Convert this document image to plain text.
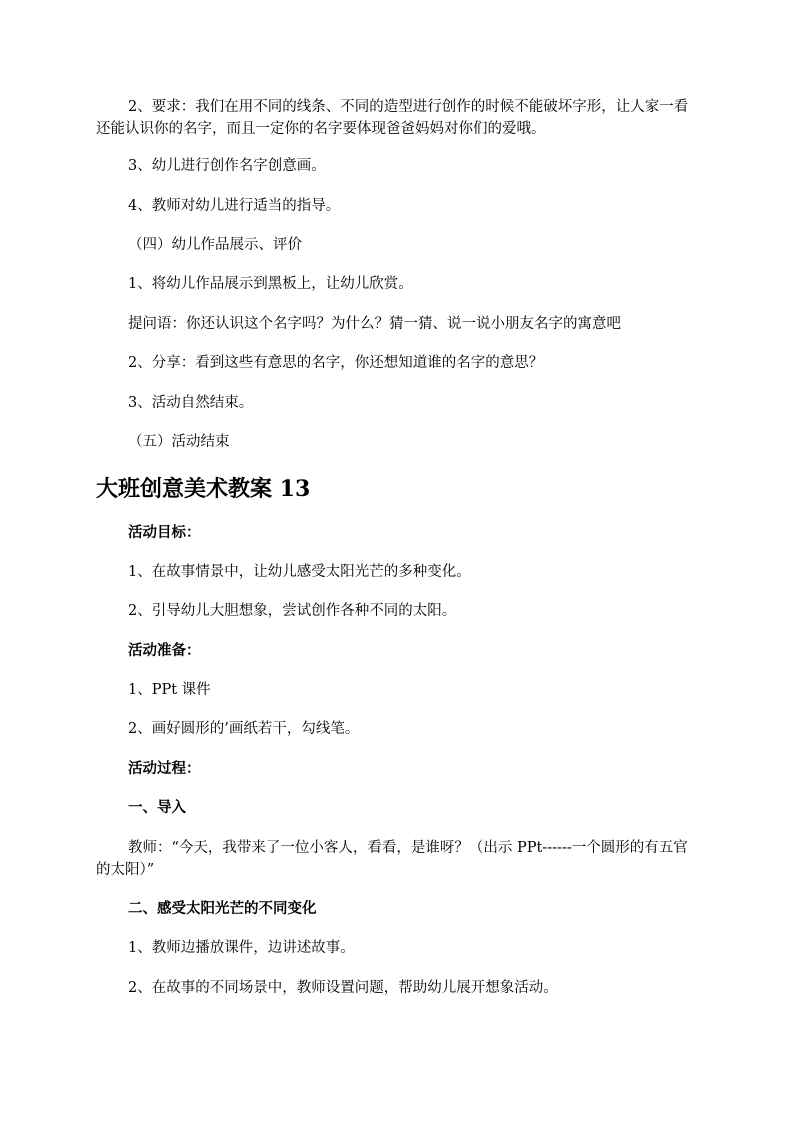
2、要求：我们在用不同的线条、不同的造型进行创作的时候不能破坏字形，让人家一看还能认识你的名字，而且一定你的名字要体现爸爸妈妈对你们的爱哦。
3、幼儿进行创作名字创意画。
4、教师对幼儿进行适当的指导。
（四）幼儿作品展示、评价
1、将幼儿作品展示到黑板上，让幼儿欣赏。
提问语：你还认识这个名字吗？为什么？猜一猜、说一说小朋友名字的寓意吧
2、分享：看到这些有意思的名字，你还想知道谁的名字的意思？
3、活动自然结束。
（五）活动结束
大班创意美术教案 13
活动目标：
1、在故事情景中，让幼儿感受太阳光芒的多种变化。
2、引导幼儿大胆想象，尝试创作各种不同的太阳。
活动准备：
1、PPt 课件
2、画好圆形的’画纸若干，勾线笔。
活动过程：
一、导入
教师：“今天，我带来了一位小客人，看看，是谁呀？（出示 PPt------一个圆形的有五官的太阳）”
二、感受太阳光芒的不同变化
1、教师边播放课件，边讲述故事。
2、在故事的不同场景中，教师设置问题，帮助幼儿展开想象活动。
